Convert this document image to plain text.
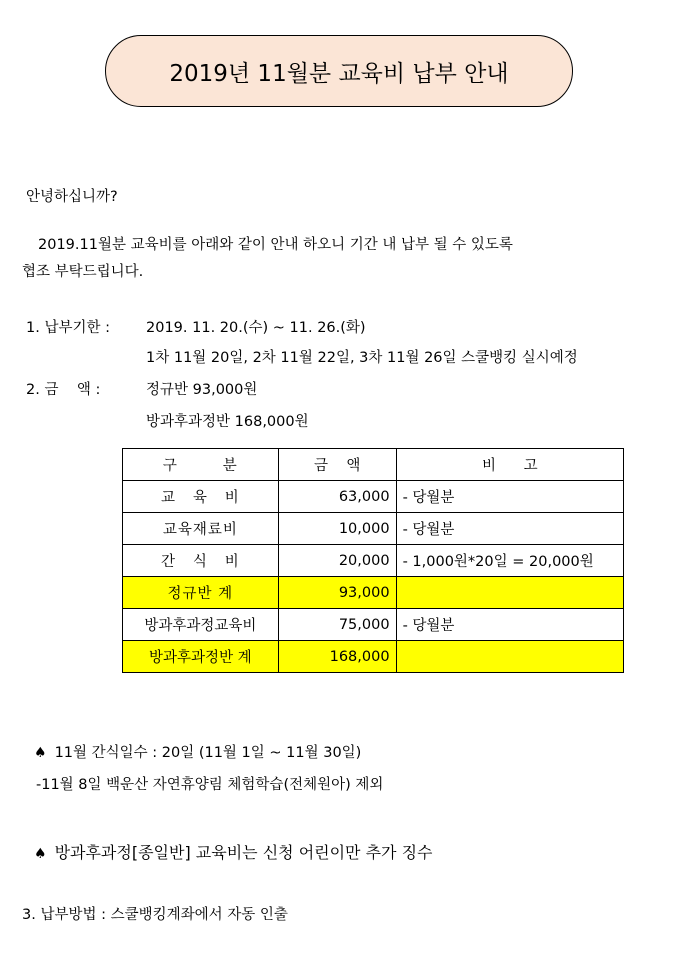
2019년 11월분 교육비 납부 안내
안녕하십니까?
2019.11월분 교육비를 아래와 같이 안내 하오니 기간 내 납부 될 수 있도록
협조 부탁드립니다.
1. 납부기한 : 2019. 11. 20.(수) ~ 11. 26.(화)
1차 11월 20일, 2차 11월 22일, 3차 11월 26일 스쿨뱅킹 실시예정
2. 금    액 :	정규반 93,000원
방과후과정반 168,000원
구        분	금    액	비      고
교   육   비	63,000	- 당월분
교육재료비	10,000	- 당월분
간   식   비	20,000	- 1,000원*20일 = 20,000원
정규반 계	93,000	
방과후과정교육비	75,000	- 당월분
방과후과정반 계	168,000	
♠ 11월 간식일수 : 20일 (11월 1일 ~ 11월 30일)
-11월 8일 백운산 자연휴양림 체험학습(전체원아) 제외
♠ 방과후과정[종일반] 교육비는 신청 어린이만 추가 징수
3. 납부방법 : 스쿨뱅킹계좌에서 자동 인출
